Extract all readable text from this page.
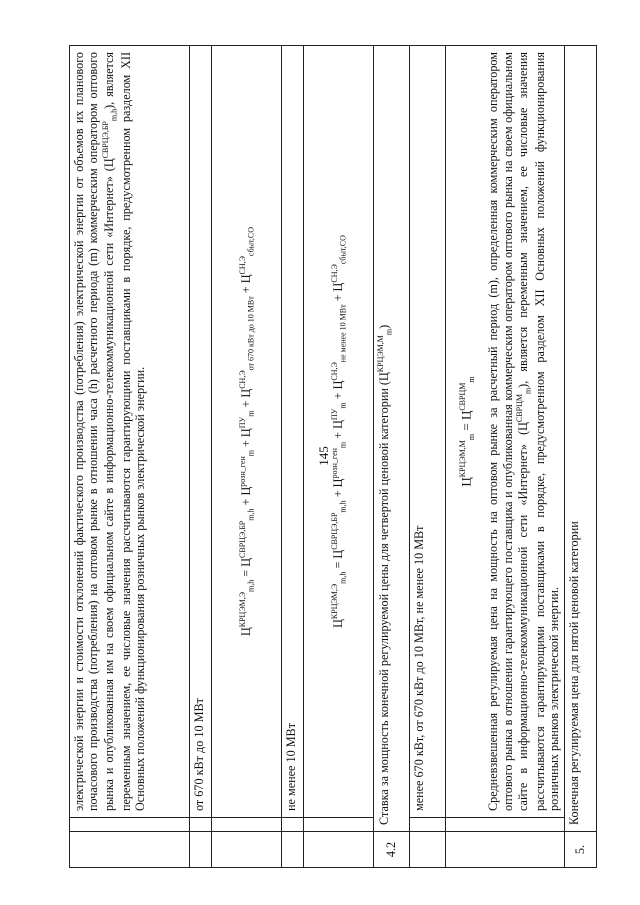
145
		электрической энергии и стоимости отклонений фактического производства (потребления) электрической энергии от объемов их планового почасового производства (потребления) на оптовом рынке в отношении часа (h) расчетного периода (m) коммерческим оператором оптового рынка и опубликованная им на своем официальном сайте в информационно-телекоммуникационной сети «Интернет» $(Ц^{СВРЦЭ,БР}_{m,h})$, является переменным значением, ее числовые значения рассчитываются гарантирующими поставщиками в порядке, предусмотренном разделом XII Основных положений функционирования розничных рынков электрической энергии.
		от 670 кВт до 10 МВт
		$Ц^{КРЦЭМ,Э}_{m,h} = Ц^{СВРЦЭ,БР}_{m,h} + Ц^{розн\_ген}_m + Ц^{ПУ}_m + Ц^{СН,Э}_{от 670 кВт до 10 МВт} + Ц^{СН,Э}_{сбыт,СО}$
		не менее 10 МВт
		$Ц^{КРЦЭМ,Э}_{m,h} = Ц^{СВРЦЭ,БР}_{m,h} + Ц^{розн\_ген}_m + Ц^{ПУ}_m + Ц^{СН,Э}_{не менее 10 МВт} + Ц^{СН,Э}_{сбыт,СО}$
4.2	Ставка за мощность конечной регулируемой цены для четвертой ценовой категории $(Ц^{КРЦЭМ,М}_m)$	
		менее 670 кВт, от 670 кВт до 10 МВт, не менее 10 МВт

		$Ц^{КРЦЭМ,М}_m = Ц^{СВРЦМ}_m$ Средневзвешенная регулируемая цена на мощность на оптовом рынке за расчетный период (m), определенная коммерческим оператором оптового рынка в отношении гарантирующего поставщика и опубликованная коммерческим оператором оптового рынка на своем официальном сайте в информационно-телекоммуникационной сети «Интернет» $(Ц^{СВРЦМ}_m)$, является переменным значением, ее числовые значения рассчитываются гарантирующими поставщиками в порядке, предусмотренном разделом XII Основных положений функционирования розничных рынков электрической энергии.

5.	Конечная регулируемая цена для пятой ценовой категории	
